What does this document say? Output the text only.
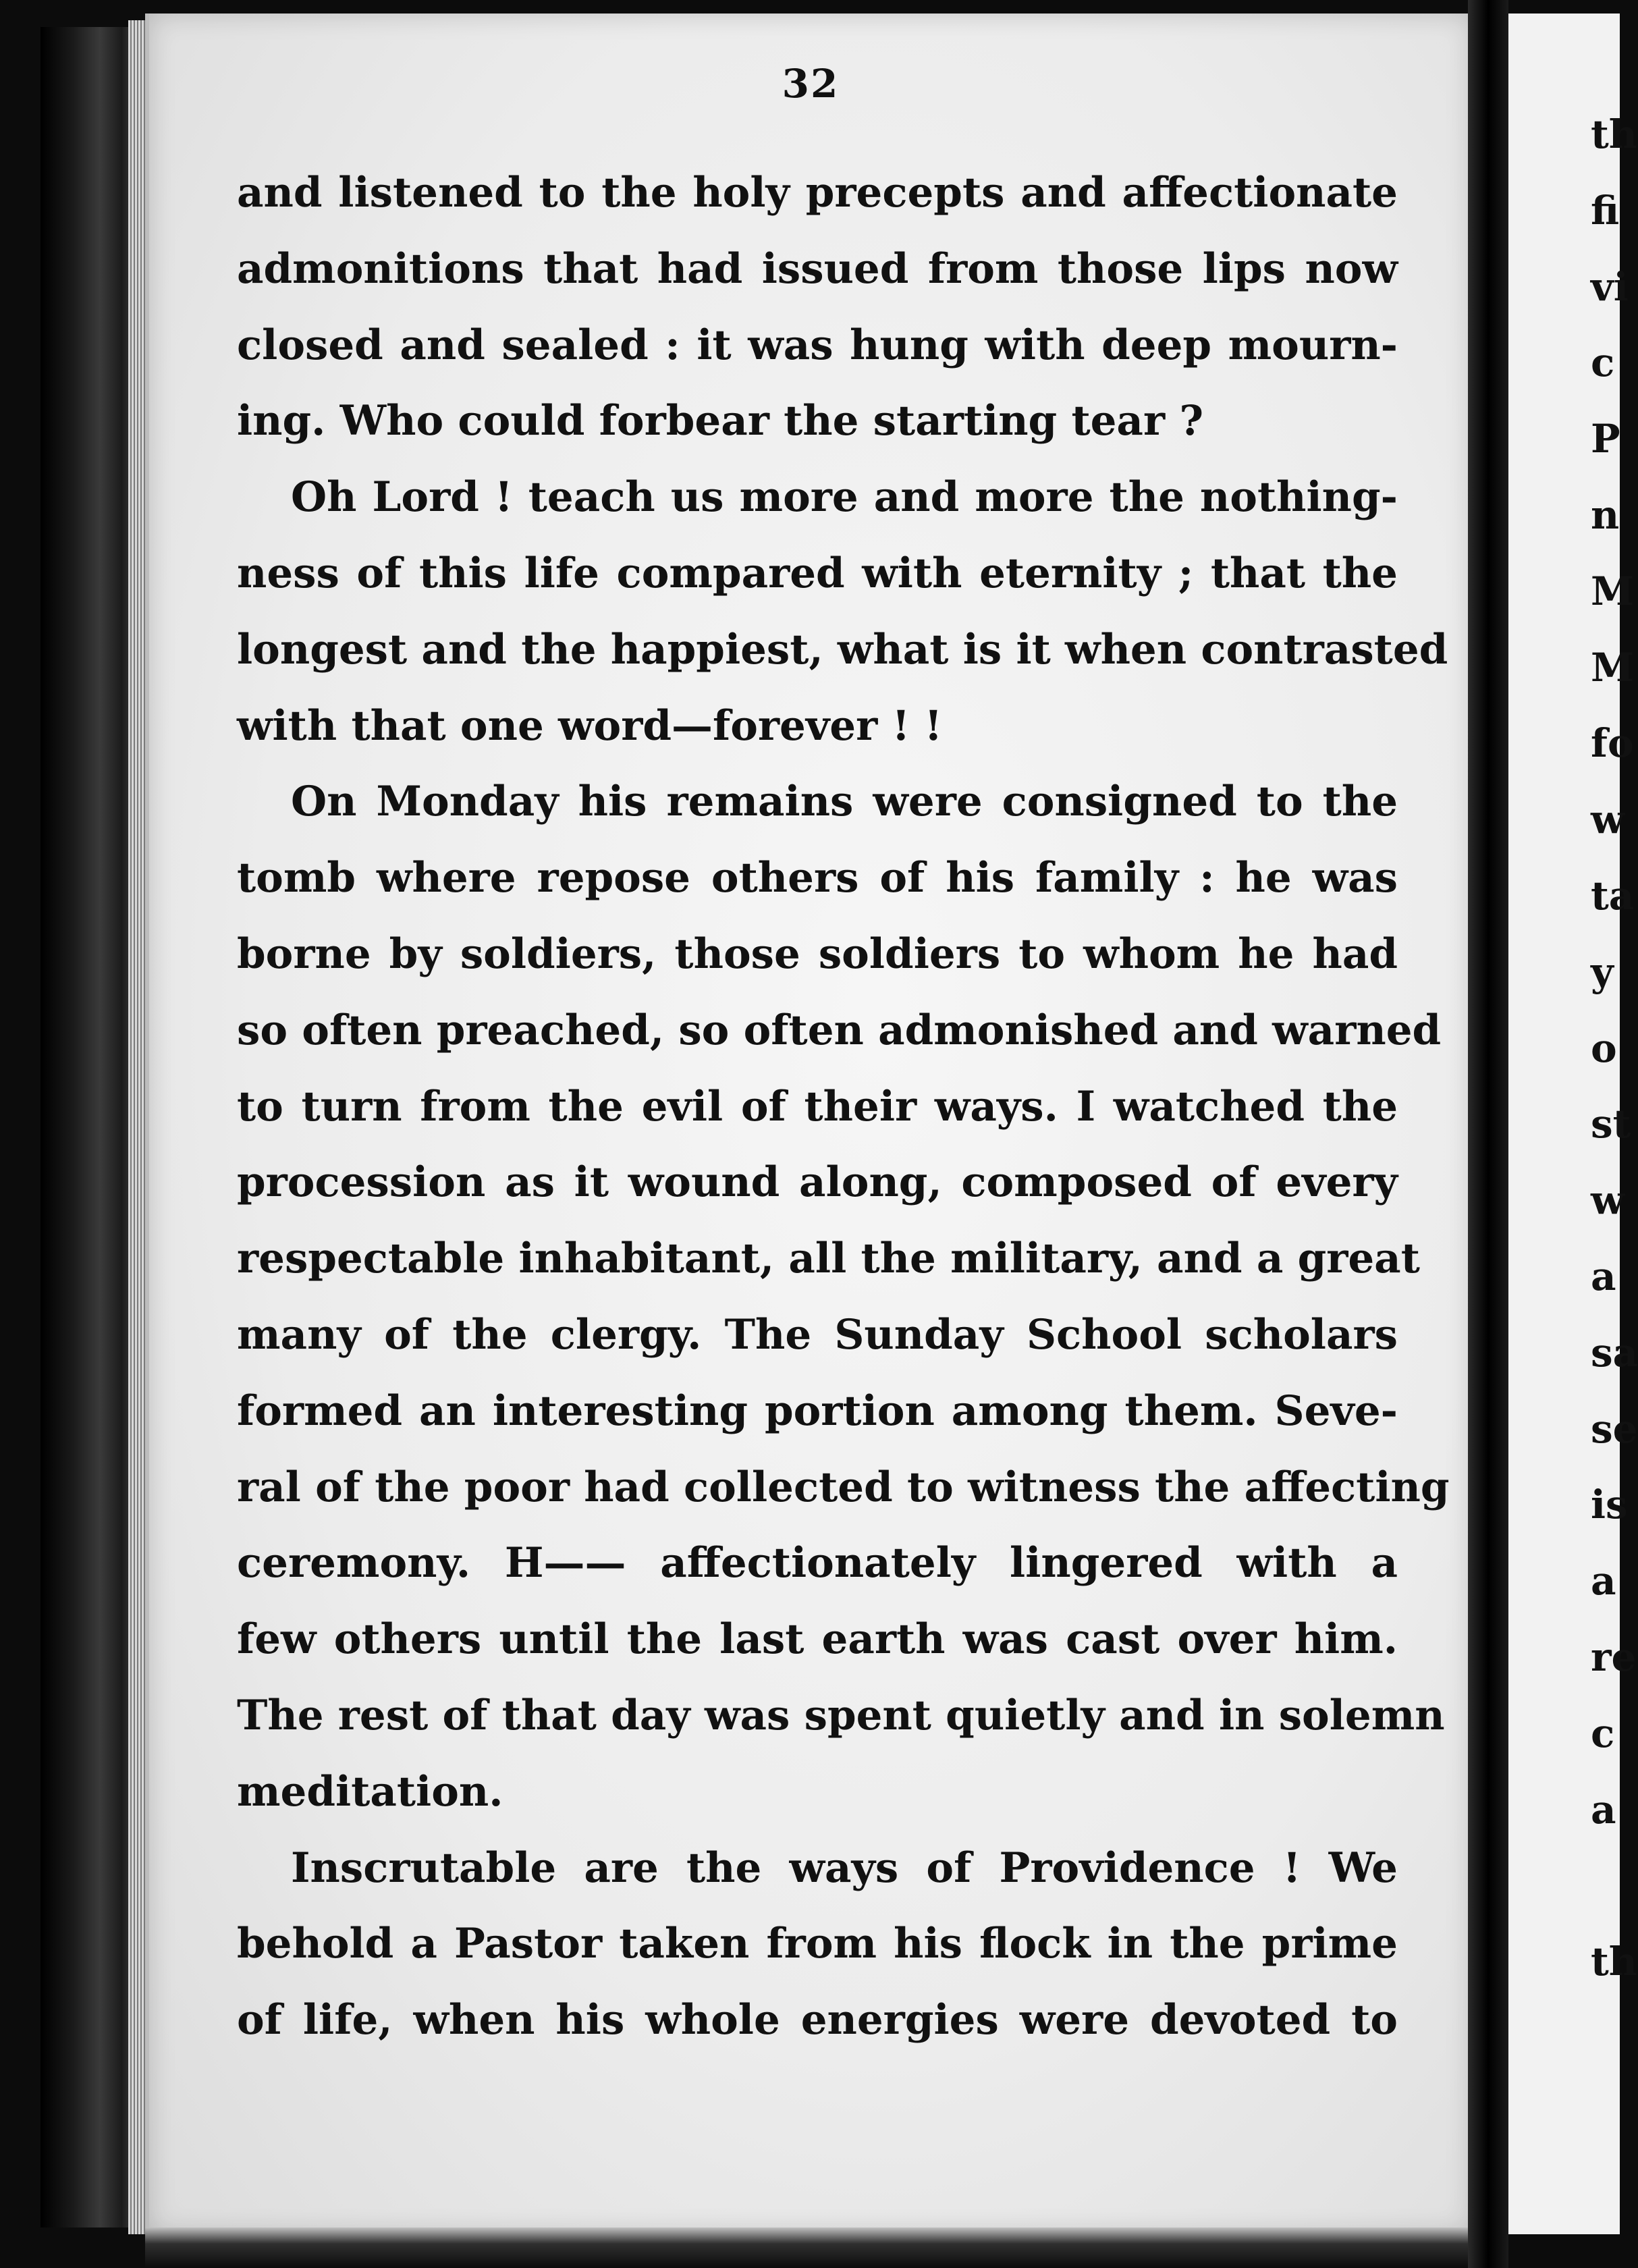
32
and listened to the holy precepts and affectionate
admonitions that had issued from those lips now
closed and sealed : it was hung with deep mourn-
ing. Who could forbear the starting tear ?
Oh Lord ! teach us more and more the nothing-
ness of this life compared with eternity ; that the
longest and the happiest, what is it when contrasted
with that one word—forever ! !
On Monday his remains were consigned to the
tomb where repose others of his family : he was
borne by soldiers, those soldiers to whom he had
so often preached, so often admonished and warned
to turn from the evil of their ways. I watched the
procession as it wound along, composed of every
respectable inhabitant, all the military, and a great
many of the clergy. The Sunday School scholars
formed an interesting portion among them. Seve-
ral of the poor had collected to witness the affecting
ceremony. H—— affectionately lingered with a
few others until the last earth was cast over him.
The rest of that day was spent quietly and in solemn
meditation.
Inscrutable are the ways of Providence ! We
behold a Pastor taken from his flock in the prime
of life, when his whole energies were devoted to
th
fi
vi
c
P
n
M
M
fo
w
ta
y
o
st
w
a
sa
se
is
a
re
c
a
th
